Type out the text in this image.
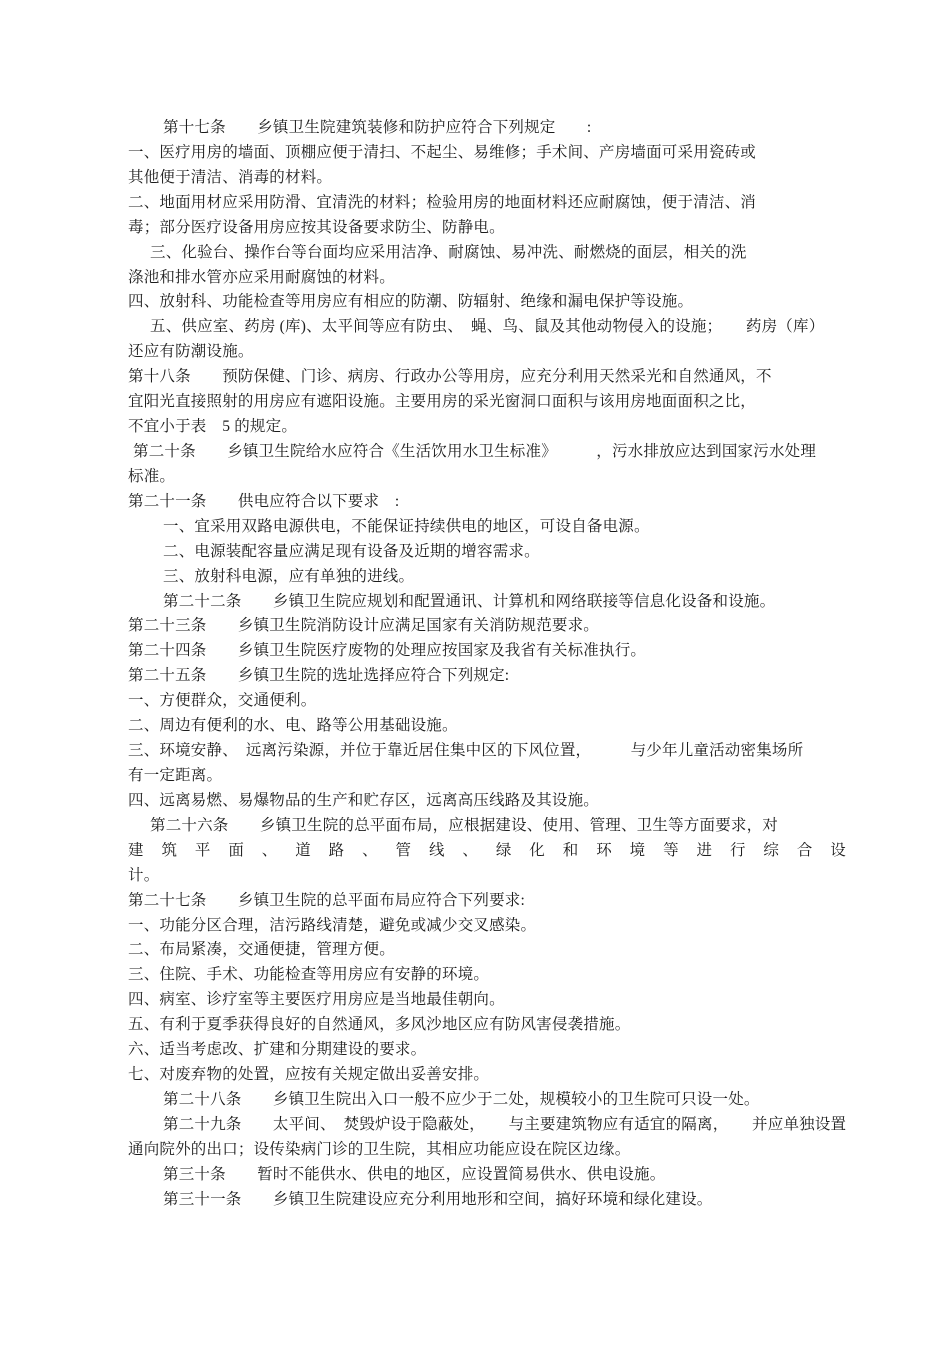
第十七条　　乡镇卫生院建筑装修和防护应符合下列规定　　:
一、医疗用房的墙面、顶棚应便于清扫、不起尘、易维修；手术间、产房墙面可采用瓷砖或
其他便于清洁、消毒的材料。
二、地面用材应采用防滑、宜清洗的材料；检验用房的地面材料还应耐腐蚀，便于清洁、消
毒；部分医疗设备用房应按其设备要求防尘、防静电。
三、化验台、操作台等台面均应采用洁净、耐腐蚀、易冲洗、耐燃烧的面层，相关的洗
涤池和排水管亦应采用耐腐蚀的材料。
四、放射科、功能检查等用房应有相应的防潮、防辐射、绝缘和漏电保护等设施。
五、供应室、药房 (库)、太平间等应有防虫、　蝇、鸟、鼠及其他动物侵入的设施；　　药房（库）
还应有防潮设施。
第十八条　　预防保健、门诊、病房、行政办公等用房，应充分利用天然采光和自然通风，不
宜阳光直接照射的用房应有遮阳设施。主要用房的采光窗洞口面积与该用房地面面积之比，
不宜小于表　5 的规定。
第二十条　　乡镇卫生院给水应符合《生活饮用水卫生标准》　　　，污水排放应达到国家污水处理
标准。
第二十一条　　供电应符合以下要求　:
一、宜采用双路电源供电，不能保证持续供电的地区，可设自备电源。
二、电源装配容量应满足现有设备及近期的增容需求。
三、放射科电源，应有单独的进线。
第二十二条　　乡镇卫生院应规划和配置通讯、计算机和网络联接等信息化设备和设施。
第二十三条　　乡镇卫生院消防设计应满足国家有关消防规范要求。
第二十四条　　乡镇卫生院医疗废物的处理应按国家及我省有关标准执行。
第二十五条　　乡镇卫生院的选址选择应符合下列规定:
一、方便群众，交通便利。
二、周边有便利的水、电、路等公用基础设施。
三、环境安静、　远离污染源，并位于靠近居住集中区的下风位置，　　　与少年儿童活动密集场所
有一定距离。
四、远离易燃、易爆物品的生产和贮存区，远离高压线路及其设施。
第二十六条　　乡镇卫生院的总平面布局，应根据建设、使用、管理、卫生等方面要求，对
建 筑 平 面 、 道 路 、 管 线 、 绿 化 和 环 境 等 进 行 综 合 设
计。
第二十七条　　乡镇卫生院的总平面布局应符合下列要求:
一、功能分区合理，洁污路线清楚，避免或减少交叉感染。
二、布局紧凑，交通便捷，管理方便。
三、住院、手术、功能检查等用房应有安静的环境。
四、病室、诊疗室等主要医疗用房应是当地最佳朝向。
五、有利于夏季获得良好的自然通风，多风沙地区应有防风害侵袭措施。
六、适当考虑改、扩建和分期建设的要求。
七、对废弃物的处置，应按有关规定做出妥善安排。
第二十八条　　乡镇卫生院出入口一般不应少于二处，规模较小的卫生院可只设一处。
第二十九条　　太平间、　焚毁炉设于隐蔽处，　　与主要建筑物应有适宜的隔离，　　并应单独设置
通向院外的出口；设传染病门诊的卫生院，其相应功能应设在院区边缘。
第三十条　　暂时不能供水、供电的地区，应设置简易供水、供电设施。
第三十一条　　乡镇卫生院建设应充分利用地形和空间，搞好环境和绿化建设。
